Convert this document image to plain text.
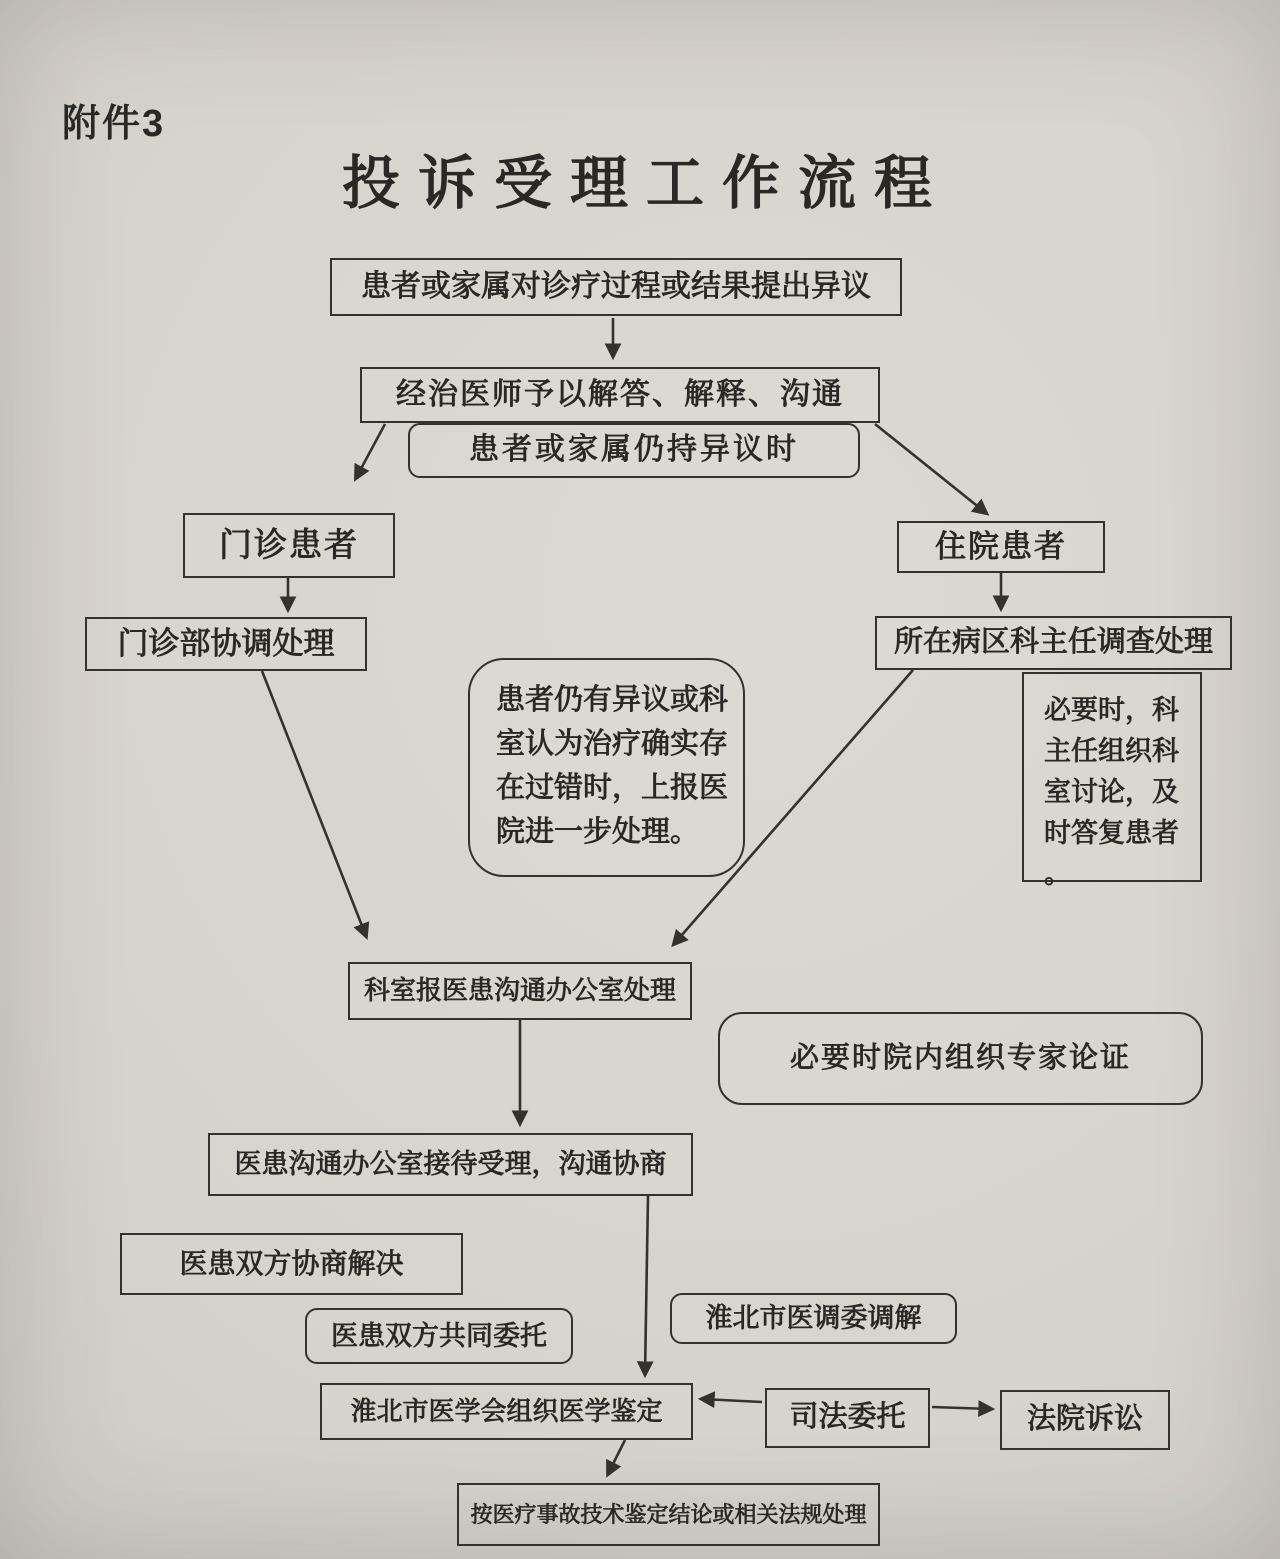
附件3
投诉受理工作流程
患者或家属对诊疗过程或结果提出异议
经治医师予以解答、解释、沟通
患者或家属仍持异议时
门诊患者	住院患者
门诊部协调处理	所在病区科主任调查处理
患者仍有异议或科室认为治疗确实存在过错时，上报医院进一步处理。
必要时，科主任组织科室讨论，及时答复患者。
科室报医患沟通办公室处理
必要时院内组织专家论证
医患沟通办公室接待受理，沟通协商
医患双方协商解决
医患双方共同委托
淮北市医调委调解
淮北市医学会组织医学鉴定	司法委托	法院诉讼
按医疗事故技术鉴定结论或相关法规处理
